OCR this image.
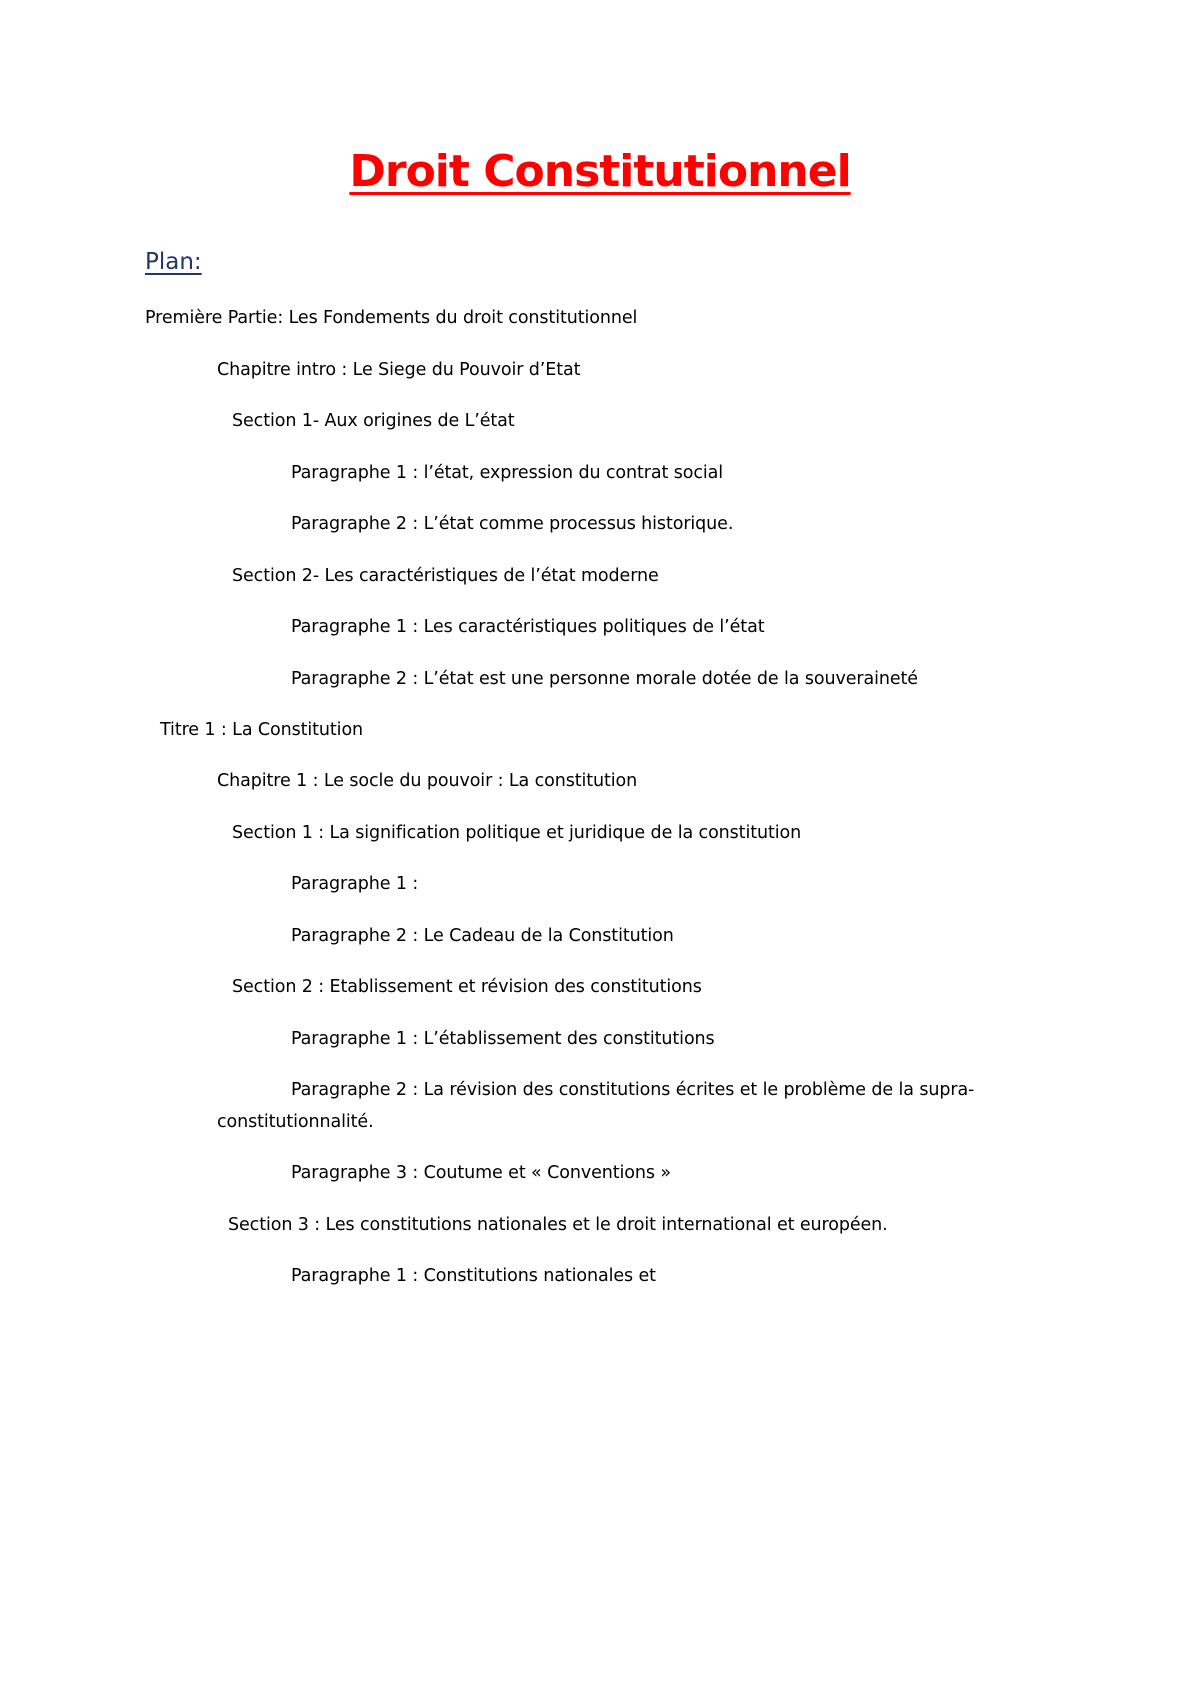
Droit Constitutionnel
Plan:
Première Partie: Les Fondements du droit constitutionnel
Chapitre intro : Le Siege du Pouvoir d’Etat
Section 1- Aux origines de L’état
Paragraphe 1 : l’état, expression du contrat social
Paragraphe 2 : L’état comme processus historique.
Section 2- Les caractéristiques de l’état moderne
Paragraphe 1 : Les caractéristiques politiques de l’état
Paragraphe 2 : L’état est une personne morale dotée de la souveraineté
Titre 1 : La Constitution
Chapitre 1 : Le socle du pouvoir : La constitution
Section 1 : La signification politique et juridique de la constitution
Paragraphe 1 :
Paragraphe 2 : Le Cadeau de la Constitution
Section 2 : Etablissement et révision des constitutions
Paragraphe 1 : L’établissement des constitutions
Paragraphe 2 : La révision des constitutions écrites et le problème de la supra-
constitutionnalité.
Paragraphe 3 : Coutume et « Conventions »
Section 3 : Les constitutions nationales et le droit international et européen.
Paragraphe 1 : Constitutions nationales et
